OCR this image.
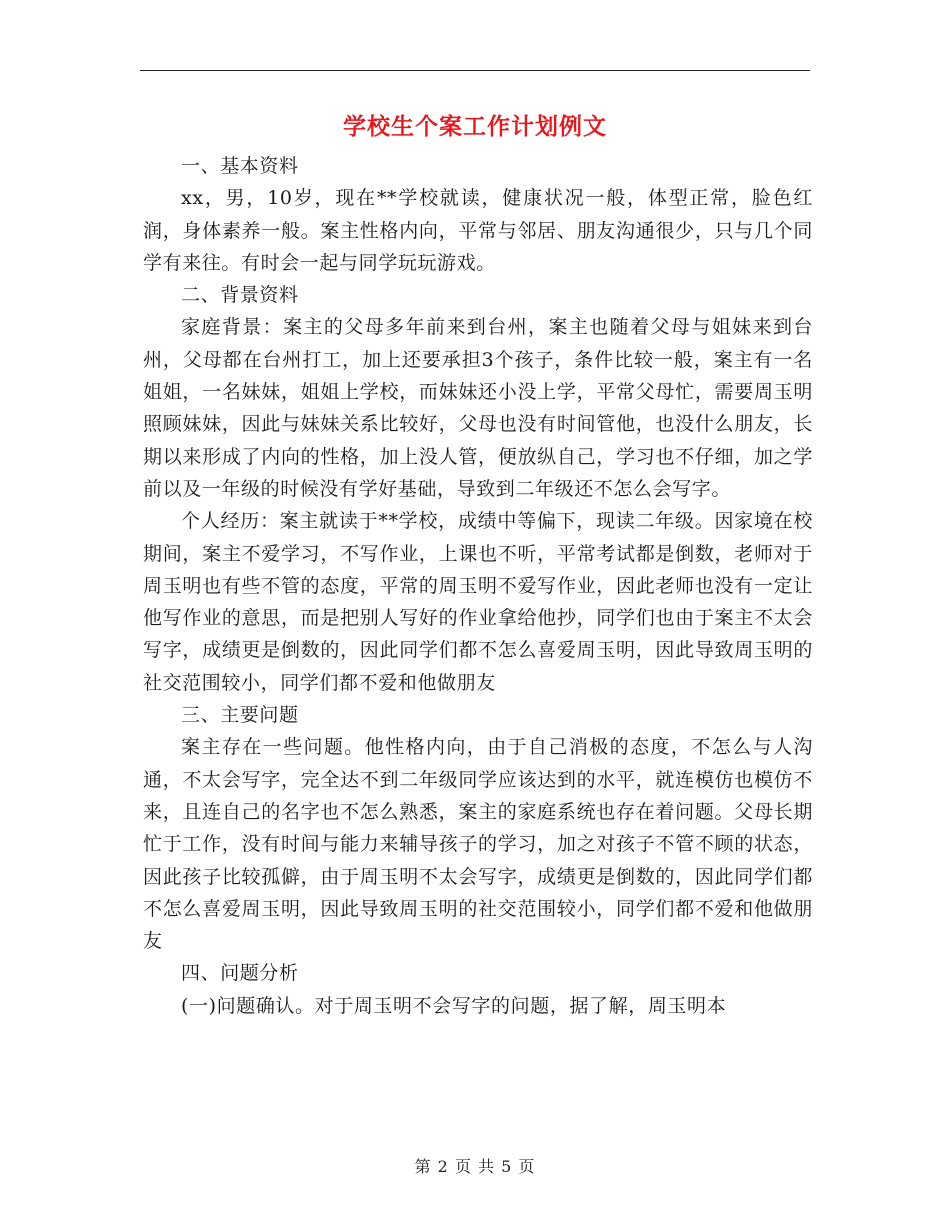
学校生个案工作计划例文

一、基本资料

xx，男，10岁，现在**学校就读，健康状况一般，体型正常，脸色红润，身体素养一般。案主性格内向，平常与邻居、朋友沟通很少，只与几个同学有来往。有时会一起与同学玩玩游戏。

二、背景资料

家庭背景：案主的父母多年前来到台州，案主也随着父母与姐妹来到台州，父母都在台州打工，加上还要承担3个孩子，条件比较一般，案主有一名姐姐，一名妹妹，姐姐上学校，而妹妹还小没上学，平常父母忙，需要周玉明照顾妹妹，因此与妹妹关系比较好，父母也没有时间管他，也没什么朋友，长期以来形成了内向的性格，加上没人管，便放纵自己，学习也不仔细，加之学前以及一年级的时候没有学好基础，导致到二年级还不怎么会写字。

个人经历：案主就读于**学校，成绩中等偏下，现读二年级。因家境在校期间，案主不爱学习，不写作业，上课也不听，平常考试都是倒数，老师对于周玉明也有些不管的态度，平常的周玉明不爱写作业，因此老师也没有一定让他写作业的意思，而是把别人写好的作业拿给他抄，同学们也由于案主不太会写字，成绩更是倒数的，因此同学们都不怎么喜爱周玉明，因此导致周玉明的社交范围较小，同学们都不爱和他做朋友

三、主要问题

案主存在一些问题。他性格内向，由于自己消极的态度，不怎么与人沟通，不太会写字，完全达不到二年级同学应该达到的水平，就连模仿也模仿不来，且连自己的名字也不怎么熟悉，案主的家庭系统也存在着问题。父母长期忙于工作，没有时间与能力来辅导孩子的学习，加之对孩子不管不顾的状态，因此孩子比较孤僻，由于周玉明不太会写字，成绩更是倒数的，因此同学们都不怎么喜爱周玉明，因此导致周玉明的社交范围较小，同学们都不爱和他做朋友

四、问题分析

(一)问题确认。对于周玉明不会写字的问题，据了解，周玉明本

第 2 页 共 5 页
